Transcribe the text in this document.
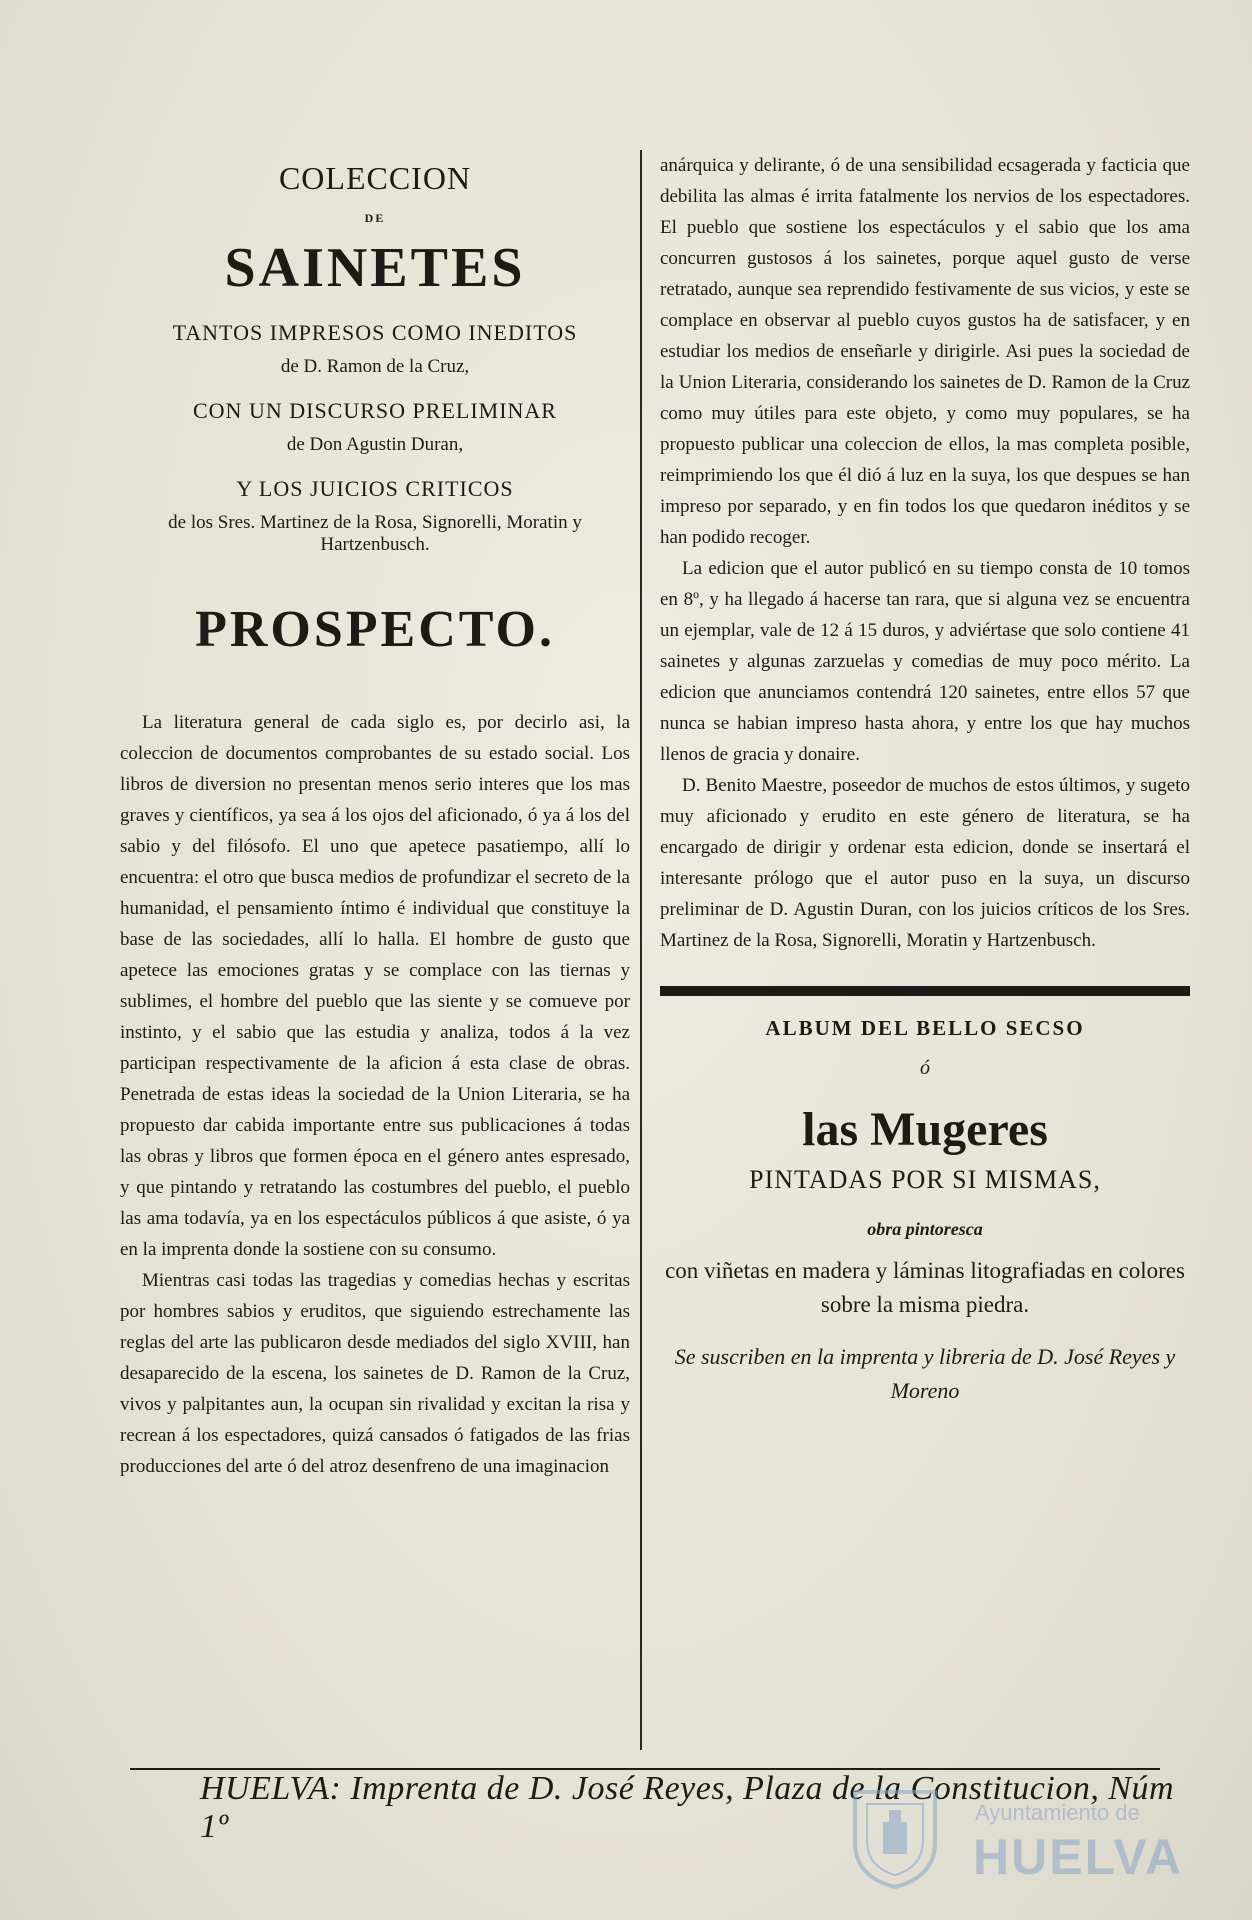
COLECCION
DE
SAINETES
TANTOS IMPRESOS COMO INEDITOS
de D. Ramon de la Cruz,
CON UN DISCURSO PRELIMINAR
de Don Agustin Duran,
Y LOS JUICIOS CRITICOS
de los Sres. Martinez de la Rosa, Signorelli, Moratin y Hartzenbusch.
PROSPECTO.

La literatura general de cada siglo es, por decirlo asi, la coleccion de documentos comprobantes de su estado social. Los libros de diversion no presentan menos serio interes que los mas graves y científicos, ya sea á los ojos del aficionado, ó ya á los del sabio y del filósofo. El uno que apetece pasatiempo, allí lo encuentra: el otro que busca medios de profundizar el secreto de la humanidad, el pensamiento íntimo é individual que constituye la base de las sociedades, allí lo halla. El hombre de gusto que apetece las emociones gratas y se complace con las tiernas y sublimes, el hombre del pueblo que las siente y se comueve por instinto, y el sabio que las estudia y analiza, todos á la vez participan respectivamente de la aficion á esta clase de obras. Penetrada de estas ideas la sociedad de la Union Literaria, se ha propuesto dar cabida importante entre sus publicaciones á todas las obras y libros que formen época en el género antes espresado, y que pintando y retratando las costumbres del pueblo, el pueblo las ama todavía, ya en los espectáculos públicos á que asiste, ó ya en la imprenta donde la sostiene con su consumo.

Mientras casi todas las tragedias y comedias hechas y escritas por hombres sabios y eruditos, que siguiendo estrechamente las reglas del arte las publicaron desde mediados del siglo XVIII, han desaparecido de la escena, los sainetes de D. Ramon de la Cruz, vivos y palpitantes aun, la ocupan sin rivalidad y excitan la risa y recrean á los espectadores, quizá cansados ó fatigados de las frias producciones del arte ó del atroz desenfreno de una imaginacion

anárquica y delirante, ó de una sensibilidad ecsagerada y facticia que debilita las almas é irrita fatalmente los nervios de los espectadores. El pueblo que sostiene los espectáculos y el sabio que los ama concurren gustosos á los sainetes, porque aquel gusto de verse retratado, aunque sea reprendido festivamente de sus vicios, y este se complace en observar al pueblo cuyos gustos ha de satisfacer, y en estudiar los medios de enseñarle y dirigirle. Asi pues la sociedad de la Union Literaria, considerando los sainetes de D. Ramon de la Cruz como muy útiles para este objeto, y como muy populares, se ha propuesto publicar una coleccion de ellos, la mas completa posible, reimprimiendo los que él dió á luz en la suya, los que despues se han impreso por separado, y en fin todos los que quedaron inéditos y se han podido recoger.

La edicion que el autor publicó en su tiempo consta de 10 tomos en 8º, y ha llegado á hacerse tan rara, que si alguna vez se encuentra un ejemplar, vale de 12 á 15 duros, y adviértase que solo contiene 41 sainetes y algunas zarzuelas y comedias de muy poco mérito. La edicion que anunciamos contendrá 120 sainetes, entre ellos 57 que nunca se habian impreso hasta ahora, y entre los que hay muchos llenos de gracia y donaire.

D. Benito Maestre, poseedor de muchos de estos últimos, y sugeto muy aficionado y erudito en este género de literatura, se ha encargado de dirigir y ordenar esta edicion, donde se insertará el interesante prólogo que el autor puso en la suya, un discurso preliminar de D. Agustin Duran, con los juicios críticos de los Sres. Martinez de la Rosa, Signorelli, Moratin y Hartzenbusch.

ALBUM DEL BELLO SECSO
ó
las Mugeres
PINTADAS POR SI MISMAS,
obra pintoresca
con viñetas en madera y láminas litografiadas en colores sobre la misma piedra.
Se suscriben en la imprenta y libreria de D. José Reyes y Moreno
HUELVA: Imprenta de D. José Reyes, Plaza de la Constitucion, Núm 1º	Ayuntamiento de
HUELVA
